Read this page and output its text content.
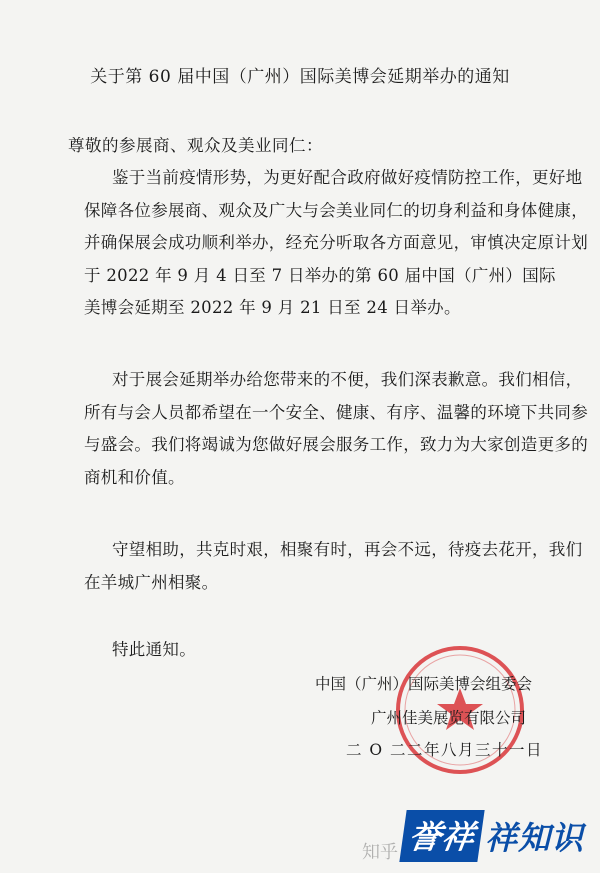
关于第 60 届中国（广州）国际美博会延期举办的通知
尊敬的参展商、观众及美业同仁：
鉴于当前疫情形势，为更好配合政府做好疫情防控工作，更好地
保障各位参展商、观众及广大与会美业同仁的切身利益和身体健康，
并确保展会成功顺利举办，经充分听取各方面意见，审慎决定原计划
于 2022 年 9 月 4 日至 7 日举办的第 60 届中国（广州）国际
美博会延期至 2022 年 9 月 21 日至 24 日举办。
对于展会延期举办给您带来的不便，我们深表歉意。我们相信，
所有与会人员都希望在一个安全、健康、有序、温馨的环境下共同参
与盛会。我们将竭诚为您做好展会服务工作，致力为大家创造更多的
商机和价值。
守望相助，共克时艰，相聚有时，再会不远，待疫去花开，我们
在羊城广州相聚。
特此通知。
中国（广州）国际美博会组委会
广州佳美展览有限公司
二 O 二二年八月三十一日
知乎 誉祥 祥知识
